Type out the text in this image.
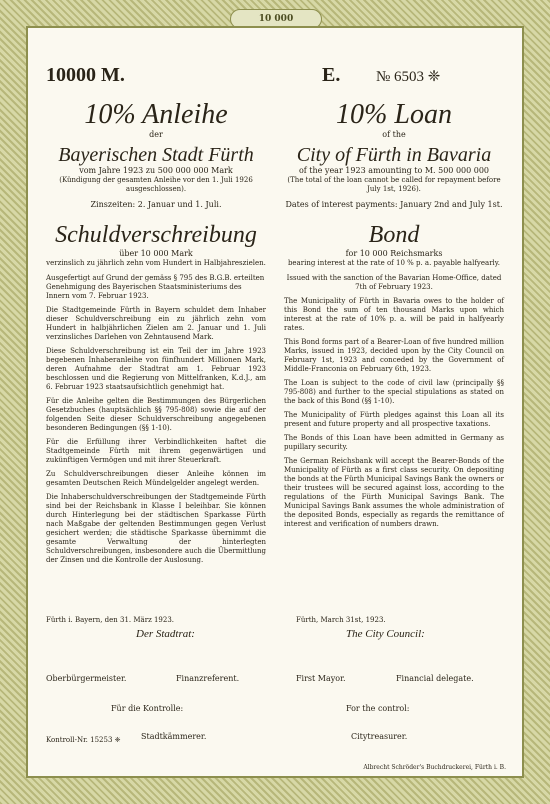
10 000
10000 M.	E. № 6503 ❈
10% Anleihe
der
Bayerischen Stadt Fürth
vom Jahre 1923 zu 500 000 000 Mark
(Kündigung der gesamten Anleihe vor den 1. Juli 1926 ausgeschlossen).
Zinszeiten: 2. Januar und 1. Juli.
Schuldverschreibung
über 10 000 Mark
verzinslich zu jährlich zehn vom Hundert in Halbjahreszielen.
Ausgefertigt auf Grund der gemäss § 795 des B.G.B. erteilten Genehmigung des Bayerischen Staatsministeriums des Innern vom 7. Februar 1923.
Die Stadtgemeinde Fürth in Bayern schuldet dem Inhaber dieser Schuldverschreibung ein zu jährlich zehn vom Hundert in halbjährlichen Zielen am 2. Januar und 1. Juli verzinsliches Darlehen von Zehntausend Mark.
Diese Schuldverschreibung ist ein Teil der im Jahre 1923 begebenen Inhaberanleihe von fünfhundert Millionen Mark, deren Aufnahme der Stadtrat am 1. Februar 1923 beschlossen und die Regierung von Mittelfranken, K.d.J., am 6. Februar 1923 staatsaufsichtlich genehmigt hat.
Für die Anleihe gelten die Bestimmungen des Bürgerlichen Gesetzbuches (hauptsächlich §§ 795-808) sowie die auf der folgenden Seite dieser Schuldverschreibung angegebenen besonderen Bedingungen (§§ 1-10).
Für die Erfüllung ihrer Verbindlichkeiten haftet die Stadtgemeinde Fürth mit ihrem gegenwärtigen und zukünftigen Vermögen und mit ihrer Steuerkraft.
Zu Schuldverschreibungen dieser Anleihe können im gesamten Deutschen Reich Mündelgelder angelegt werden.
Die Inhaberschuldverschreibungen der Stadtgemeinde Fürth sind bei der Reichsbank in Klasse I beleihbar. Sie können durch Hinterlegung bei der städtischen Sparkasse Fürth nach Maßgabe der geltenden Bestimmungen gegen Verlust gesichert werden; die städtische Sparkasse übernimmt die gesamte Verwaltung der hinterlegten Schuldverschreibungen, insbesondere auch die Übermittlung der Zinsen und die Kontrolle der Auslosung.
10% Loan
of the
City of Fürth in Bavaria
of the year 1923 amounting to M. 500 000 000
(The total of the loan cannot be called for repayment before July 1st, 1926).
Dates of interest payments: January 2nd and July 1st.
Bond
for 10 000 Reichsmarks
bearing interest at the rate of 10 % p. a. payable halfyearly.
Issued with the sanction of the Bavarian Home-Office, dated 7th of February 1923.
The Municipality of Fürth in Bavaria owes to the holder of this Bond the sum of ten thousand Marks upon which interest at the rate of 10% p. a. will be paid in halfyearly rates.
This Bond forms part of a Bearer-Loan of five hundred million Marks, issued in 1923, decided upon by the City Council on February 1st, 1923 and conceded by the Government of Middle-Franconia on February 6th, 1923.
The Loan is subject to the code of civil law (principally §§ 795-808) and further to the special stipulations as stated on the back of this Bond (§§ 1-10).
The Municipality of Fürth pledges against this Loan all its present and future property and all prospective taxations.
The Bonds of this Loan have been admitted in Germany as pupillary security.
The German Reichsbank will accept the Bearer-Bonds of the Municipality of Fürth as a first class security. On depositing the bonds at the Fürth Municipal Savings Bank the owners or their trustees will be secured against loss, according to the regulations of the Fürth Municipal Savings Bank. The Municipal Savings Bank assumes the whole administration of the deposited Bonds, especially as regards the remittance of interest and verification of numbers drawn.
Fürth i. Bayern, den 31. März 1923.	Fürth, March 31st, 1923.
Der Stadtrat:	The City Council:
Oberbürgermeister.	Finanzreferent.	First Mayor.	Financial delegate.
Für die Kontrolle:	For the control:
Stadtkämmerer.	Citytreasurer.
Kontroll-Nr. 15253 ❈
Albrecht Schröder's Buchdruckerei, Fürth i. B.
